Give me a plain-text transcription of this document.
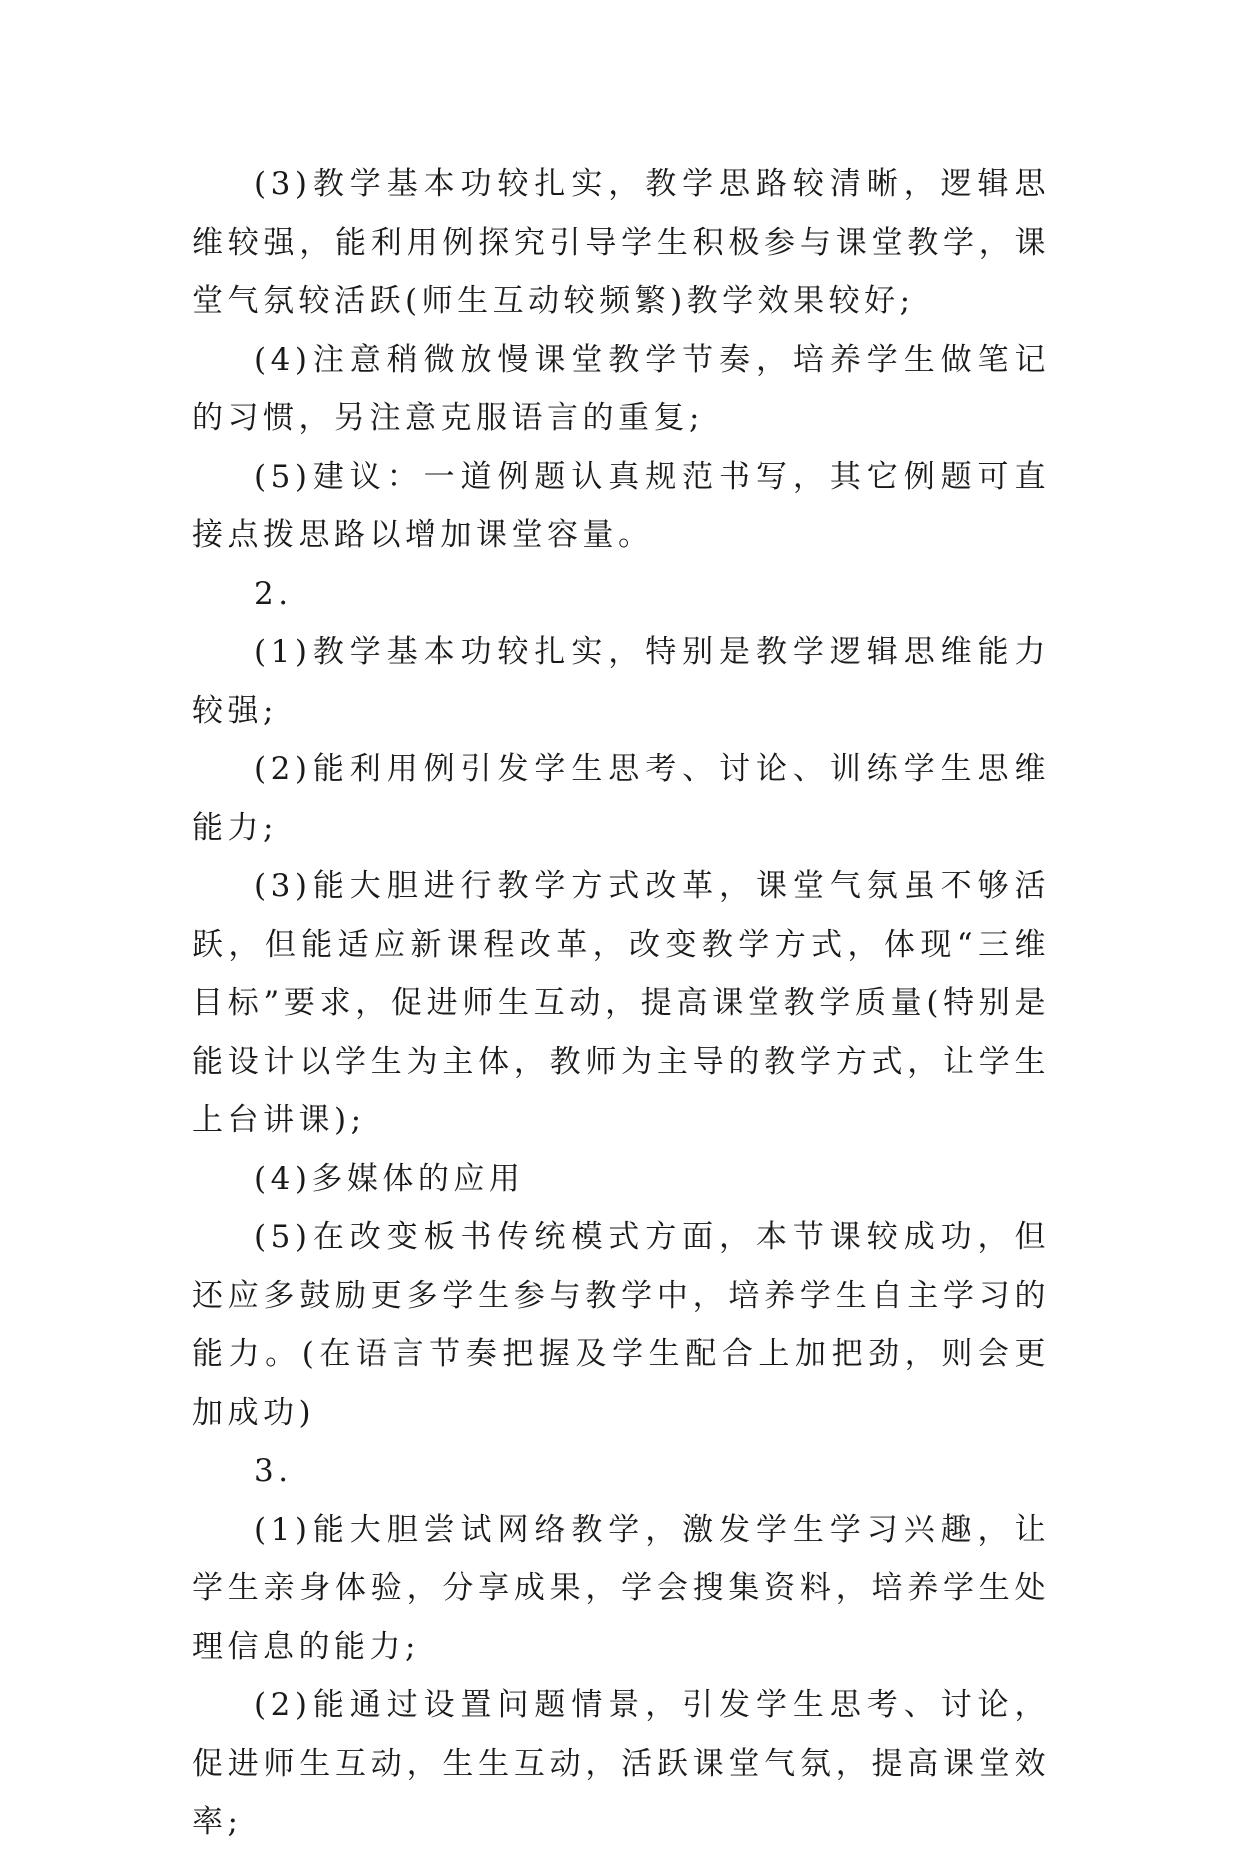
(3)教学基本功较扎实，教学思路较清晰，逻辑思维较强，能利用例探究引导学生积极参与课堂教学，课堂气氛较活跃(师生互动较频繁)教学效果较好;

(4)注意稍微放慢课堂教学节奏，培养学生做笔记的习惯，另注意克服语言的重复;

(5)建议：一道例题认真规范书写，其它例题可直接点拨思路以增加课堂容量。

2.

(1)教学基本功较扎实，特别是教学逻辑思维能力较强;

(2)能利用例引发学生思考、讨论、训练学生思维能力;

(3)能大胆进行教学方式改革，课堂气氛虽不够活跃，但能适应新课程改革，改变教学方式，体现“三维目标”要求，促进师生互动，提高课堂教学质量(特别是能设计以学生为主体，教师为主导的教学方式，让学生上台讲课);

(4)多媒体的应用

(5)在改变板书传统模式方面，本节课较成功，但还应多鼓励更多学生参与教学中，培养学生自主学习的能力。(在语言节奏把握及学生配合上加把劲，则会更加成功)

3.

(1)能大胆尝试网络教学，激发学生学习兴趣，让学生亲身体验，分享成果，学会搜集资料，培养学生处理信息的能力;

(2)能通过设置问题情景，引发学生思考、讨论，促进师生互动，生生互动，活跃课堂气氛，提高课堂效率;
